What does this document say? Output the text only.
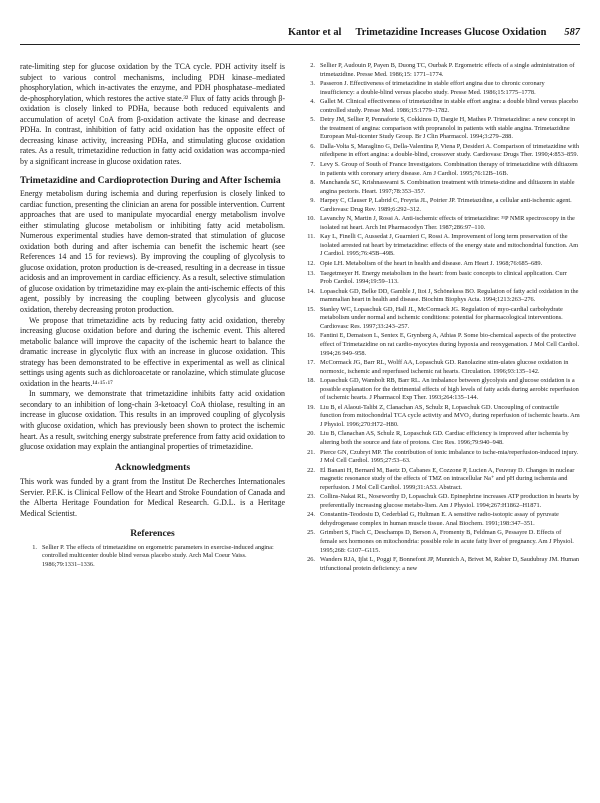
Kantor et al Trimetazidine Increases Glucose Oxidation 587

rate-limiting step for glucose oxidation by the TCA cycle. PDH activity itself is subject to various control mechanisms, including PDH kinase–mediated phosphorylation, which in-activates the enzyme, and PDH phosphatase–mediated de-phosphorylation, which restores the active state.³² Flux of fatty acids through β-oxidation is closely linked to PDHa, because both reduced equivalents and accumulation of acetyl CoA from β-oxidation activate the kinase and decrease PDHa. In contrast, inhibition of fatty acid oxidation has the opposite effect of decreasing kinase activity, increasing PDHa, and stimulating glucose oxidation rates. As a result, trimetazidine reduction in fatty acid oxidation was accompa-nied by a significant increase in glucose oxidation rates.

Trimetazidine and Cardioprotection During and After Ischemia

Energy metabolism during ischemia and during reperfusion is closely linked to cardiac function, presenting the clinician an arena for possible intervention. Current approaches that are used to manipulate myocardial energy metabolism involve either stimulating glucose metabolism or inhibiting fatty acid metabolism. Numerous experimental studies have demon-strated that stimulation of glucose oxidation both during and after ischemia can benefit the ischemic heart (see References 14 and 15 for reviews). By improving the coupling of glycolysis to glucose oxidation, proton production is de-creased, resulting in a decrease in tissue acidosis and an improvement in cardiac efficiency. As a result, selective stimulation of glucose oxidation by trimetazidine may ex-plain the anti-ischemic effects of this agent, possibly by increasing the coupling between glycolysis and glucose oxidation, thereby decreasing proton production.

We propose that trimetazidine acts by reducing fatty acid oxidation, thereby increasing glucose oxidation before and during the ischemic event. This altered metabolic balance will improve the capacity of the ischemic heart to balance the dramatic increase in glycolytic flux with an increase in glucose oxidation. This strategy has been demonstrated to be effective in experimental as well as clinical settings using agents such as dichloroacetate or ranolazine, which stimulate glucose oxidation in the hearts.¹⁴·¹⁵·¹⁷

In summary, we demonstrate that trimetazidine inhibits fatty acid oxidation secondary to an inhibition of long-chain 3-ketoacyl CoA thiolase, resulting in an increase in glucose oxidation. This results in an improved coupling of glycolysis with glucose oxidation, which has previously been shown to protect the ischemic heart. As a result, switching energy substrate preference from fatty acid oxidation to glucose oxidation may explain the antianginal properties of trimetazidine.

Acknowledgments

This work was funded by a grant from the Institut De Recherches Internationales Servier. P.F.K. is Clinical Fellow of the Heart and Stroke Foundation of Canada and the Alberta Heritage Foundation for Medical Research. G.D.L. is a Heritage Medical Scientist.

References
1. Sellier P. The effects of trimetazidine on ergometric parameters in exercise-induced angina: controlled multicenter double blind versus placebo study. Arch Mal Coeur Vaiss. 1986;79:1331–1336.
2. Sellier P, Audouin P, Payen B, Duong TC, Ourbak P. Ergometric effects of a single administration of trimetazidine. Presse Med. 1986;15: 1771–1774.
3. Passeron J. Effectiveness of trimetazidine in stable effort angina due to chronic coronary insufficiency: a double-blind versus placebo study. Presse Med. 1986;15:1775–1778.
4. Gallet M. Clinical effectiveness of trimetazidine in stable effort angina: a double blind versus placebo controlled study. Presse Med. 1986;15:1779–1782.
5. Detry JM, Sellier P, Pennaforte S, Cokkinos D, Dargie H, Mathes P. Trimetazidine: a new concept in the treatment of angina: comparison with propranolol in patients with stable angina. Trimetazidine European Mul-ticenter Study Group. Br J Clin Pharmacol. 1994;3:279–288.
6. Dalla-Volta S, Maraglino G, Della-Valentina P, Viena P, Desideri A. Comparison of trimetazidine with nifedipene in effort angina: a double-blind, crossover study. Cardiovasc Drugs Ther. 1990;4:853–859.
7. Levy S. Group of South of France Investigators. Combination therapy of trimetazidine with diltiazem in patients with coronary artery disease. Am J Cardiol. 1995;76:12B–16B.
8. Manchanda SC, Krishnaswami S. Combination treatment with trimeta-zidine and diltiazem in stable angina pectoris. Heart. 1997;78:353–357.
9. Harpey C, Clauser P, Labrid C, Freyria JL, Poirier JP. Trimetazidine, a cellular anti-ischemic agent. Cardiovasc Drug Rev. 1989;6:292–312.
10. Lavanchy N, Martin J, Rossi A. Anti-ischemic effects of trimetazidine: ³¹P NMR spectroscopy in the isolated rat heart. Arch Int Pharmacodyn Ther. 1987;286:97–110.
11. Kay L, Finelli C, Aussedat J, Guarnieri C, Rossi A. Improvement of long term preservation of the isolated arrested rat heart by trimetazidine: effects of the energy state and mitochondrial function. Am J Cardiol. 1995;76:45B–49B.
12. Opie LH. Metabolism of the heart in health and disease. Am Heart J. 1968;76:685–689.
13. Taegetmeyer H. Energy metabolism in the heart: from basic concepts to clinical application. Curr Prob Cardiol. 1994;19:59–113.
14. Lopaschuk GD, Belke DD, Gamble J, Itoi J, Schönekess BO. Regulation of fatty acid oxidation in the mammalian heart in health and disease. Biochim Biophys Acta. 1994;1213:263–276.
15. Stanley WC, Lopaschuk GD, Hall JL, McCormack JG. Regulation of myo-cardial carbohydrate metabolism under normal and ischemic conditions: potential for pharmacological interventions. Cardiovasc Res. 1997;33:243–257.
16. Fantini E, Demaison L, Sentex E, Grynberg A, Athias P. Some bio-chemical aspects of the protective effect of Trimetazidine on rat cardio-myocytes during hypoxia and reoxygenation. J Mol Cell Cardiol. 1994;26 949–958.
17. McCormack JG, Barr RL, Wolff AA, Lopaschuk GD. Ranolazine stim-ulates glucose oxidation in normoxic, ischemic and reperfused ischemic rat hearts. Circulation. 1996;93:135–142.
18. Lopaschuk GD, Wambolt RB, Barr RL. An imbalance between glycolysis and glucose oxidation is a possible explanation for the detrimental effects of high levels of fatty acids during aerobic reperfusion of ischemic hearts. J Pharmacol Exp Ther. 1993;264:135–144.
19. Liu B, el Alaoui-Talibi Z, Clanachan AS, Schulz R, Lopaschuk GD. Uncoupling of contractile function from mitochondrial TCA cycle activity and MVO₂ during reperfusion of ischemic hearts. Am J Physiol. 1996;270:H72–H80.
20. Liu B, Clanachan AS, Schulz R, Lopaschuk GD. Cardiac efficiency is improved after ischemia by altering both the source and fate of protons. Circ Res. 1996;79:940–948.
21. Pierce GN, Czubryt MP. The contribution of ionic imbalance to ische-mia/reperfusion-induced injury. J Mol Cell Cardiol. 1995;27:53–63.
22. El Banani H, Bernard M, Baetz D, Cabanes E, Cozzone P, Lucien A, Feuvray D. Changes in nuclear magnetic resonance study of the effects of TMZ on intracellular Na⁺ and pH during ischemia and reperfusion. J Mol Cell Cardiol. 1999;31:A53. Abstract.
23. Collins-Nakai RL, Noseworthy D, Lopaschuk GD. Epinephrine increases ATP production in hearts by preferentially increasing glucose metabo-lism. Am J Physiol. 1994;267:H1862–H1871.
24. Constantin-Teodosiu D, Cederblad G, Hultman E. A sensitive radio-isotopic assay of pyruvate dehydrogenase complex in human muscle tissue. Anal Biochem. 1991;198:347–351.
25. Grimbert S, Fisch C, Deschamps D, Berson A, Fromenty B, Feldman G, Pessayre D. Effects of female sex hormones on mitochondria: possible role in acute fatty liver of pregnancy. Am J Physiol. 1995;268: G107–G115.
26. Wanders RJA, Ijlst L, Poggi F, Bonnefont JP, Munnich A, Brivet M, Rabier D, Saudubray JM. Human trifunctional protein deficiency: a new
